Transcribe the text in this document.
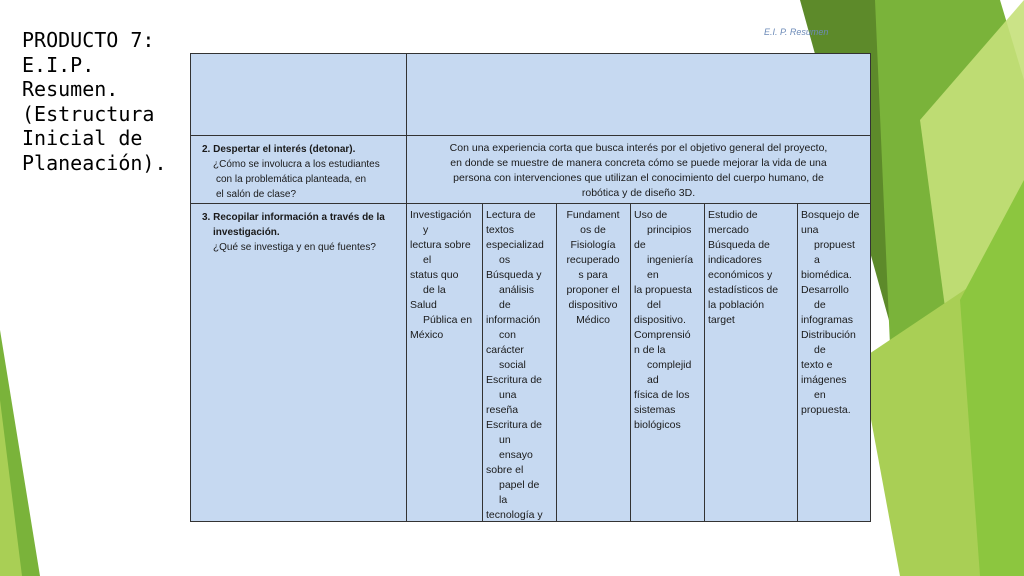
PRODUCTO 7:
E.I.P.
Resumen.
(Estructura
Inicial de
Planeación).
E.I. P. Resumen
2. Despertar el interés (detonar).
¿Cómo se involucra a los estudiantes
con la problemática planteada, en
el salón de clase?
Con una experiencia corta que busca interés por el objetivo general del proyecto,
en donde se muestre de manera concreta cómo se puede mejorar la vida de una
persona con intervenciones que utilizan el conocimiento del cuerpo humano, de
robótica y de diseño 3D.
3. Recopilar información a través de la
investigación.
¿Qué se investiga y en qué fuentes?
Investigación
y
lectura sobre
el
status quo
de la
Salud
Pública en
México
Lectura de
textos
especializad
os
Búsqueda y
análisis
de
información
con
carácter
social
Escritura de
una
reseña
Escritura de
un
ensayo
sobre el
papel de
la
tecnología y
Fundament
os de
Fisiología
recuperado
s para
proponer el
dispositivo
Médico
Uso de
principios
de
ingeniería
en
la propuesta
del
dispositivo.
Comprensió
n de la
complejid
ad
física de los
sistemas
biológicos
Estudio de
mercado
Búsqueda de
indicadores
económicos y
estadísticos de
la población
target
Bosquejo de
una
propuest
a
biomédica.
Desarrollo
de
infogramas
Distribución
de
texto e
imágenes
en
propuesta.
